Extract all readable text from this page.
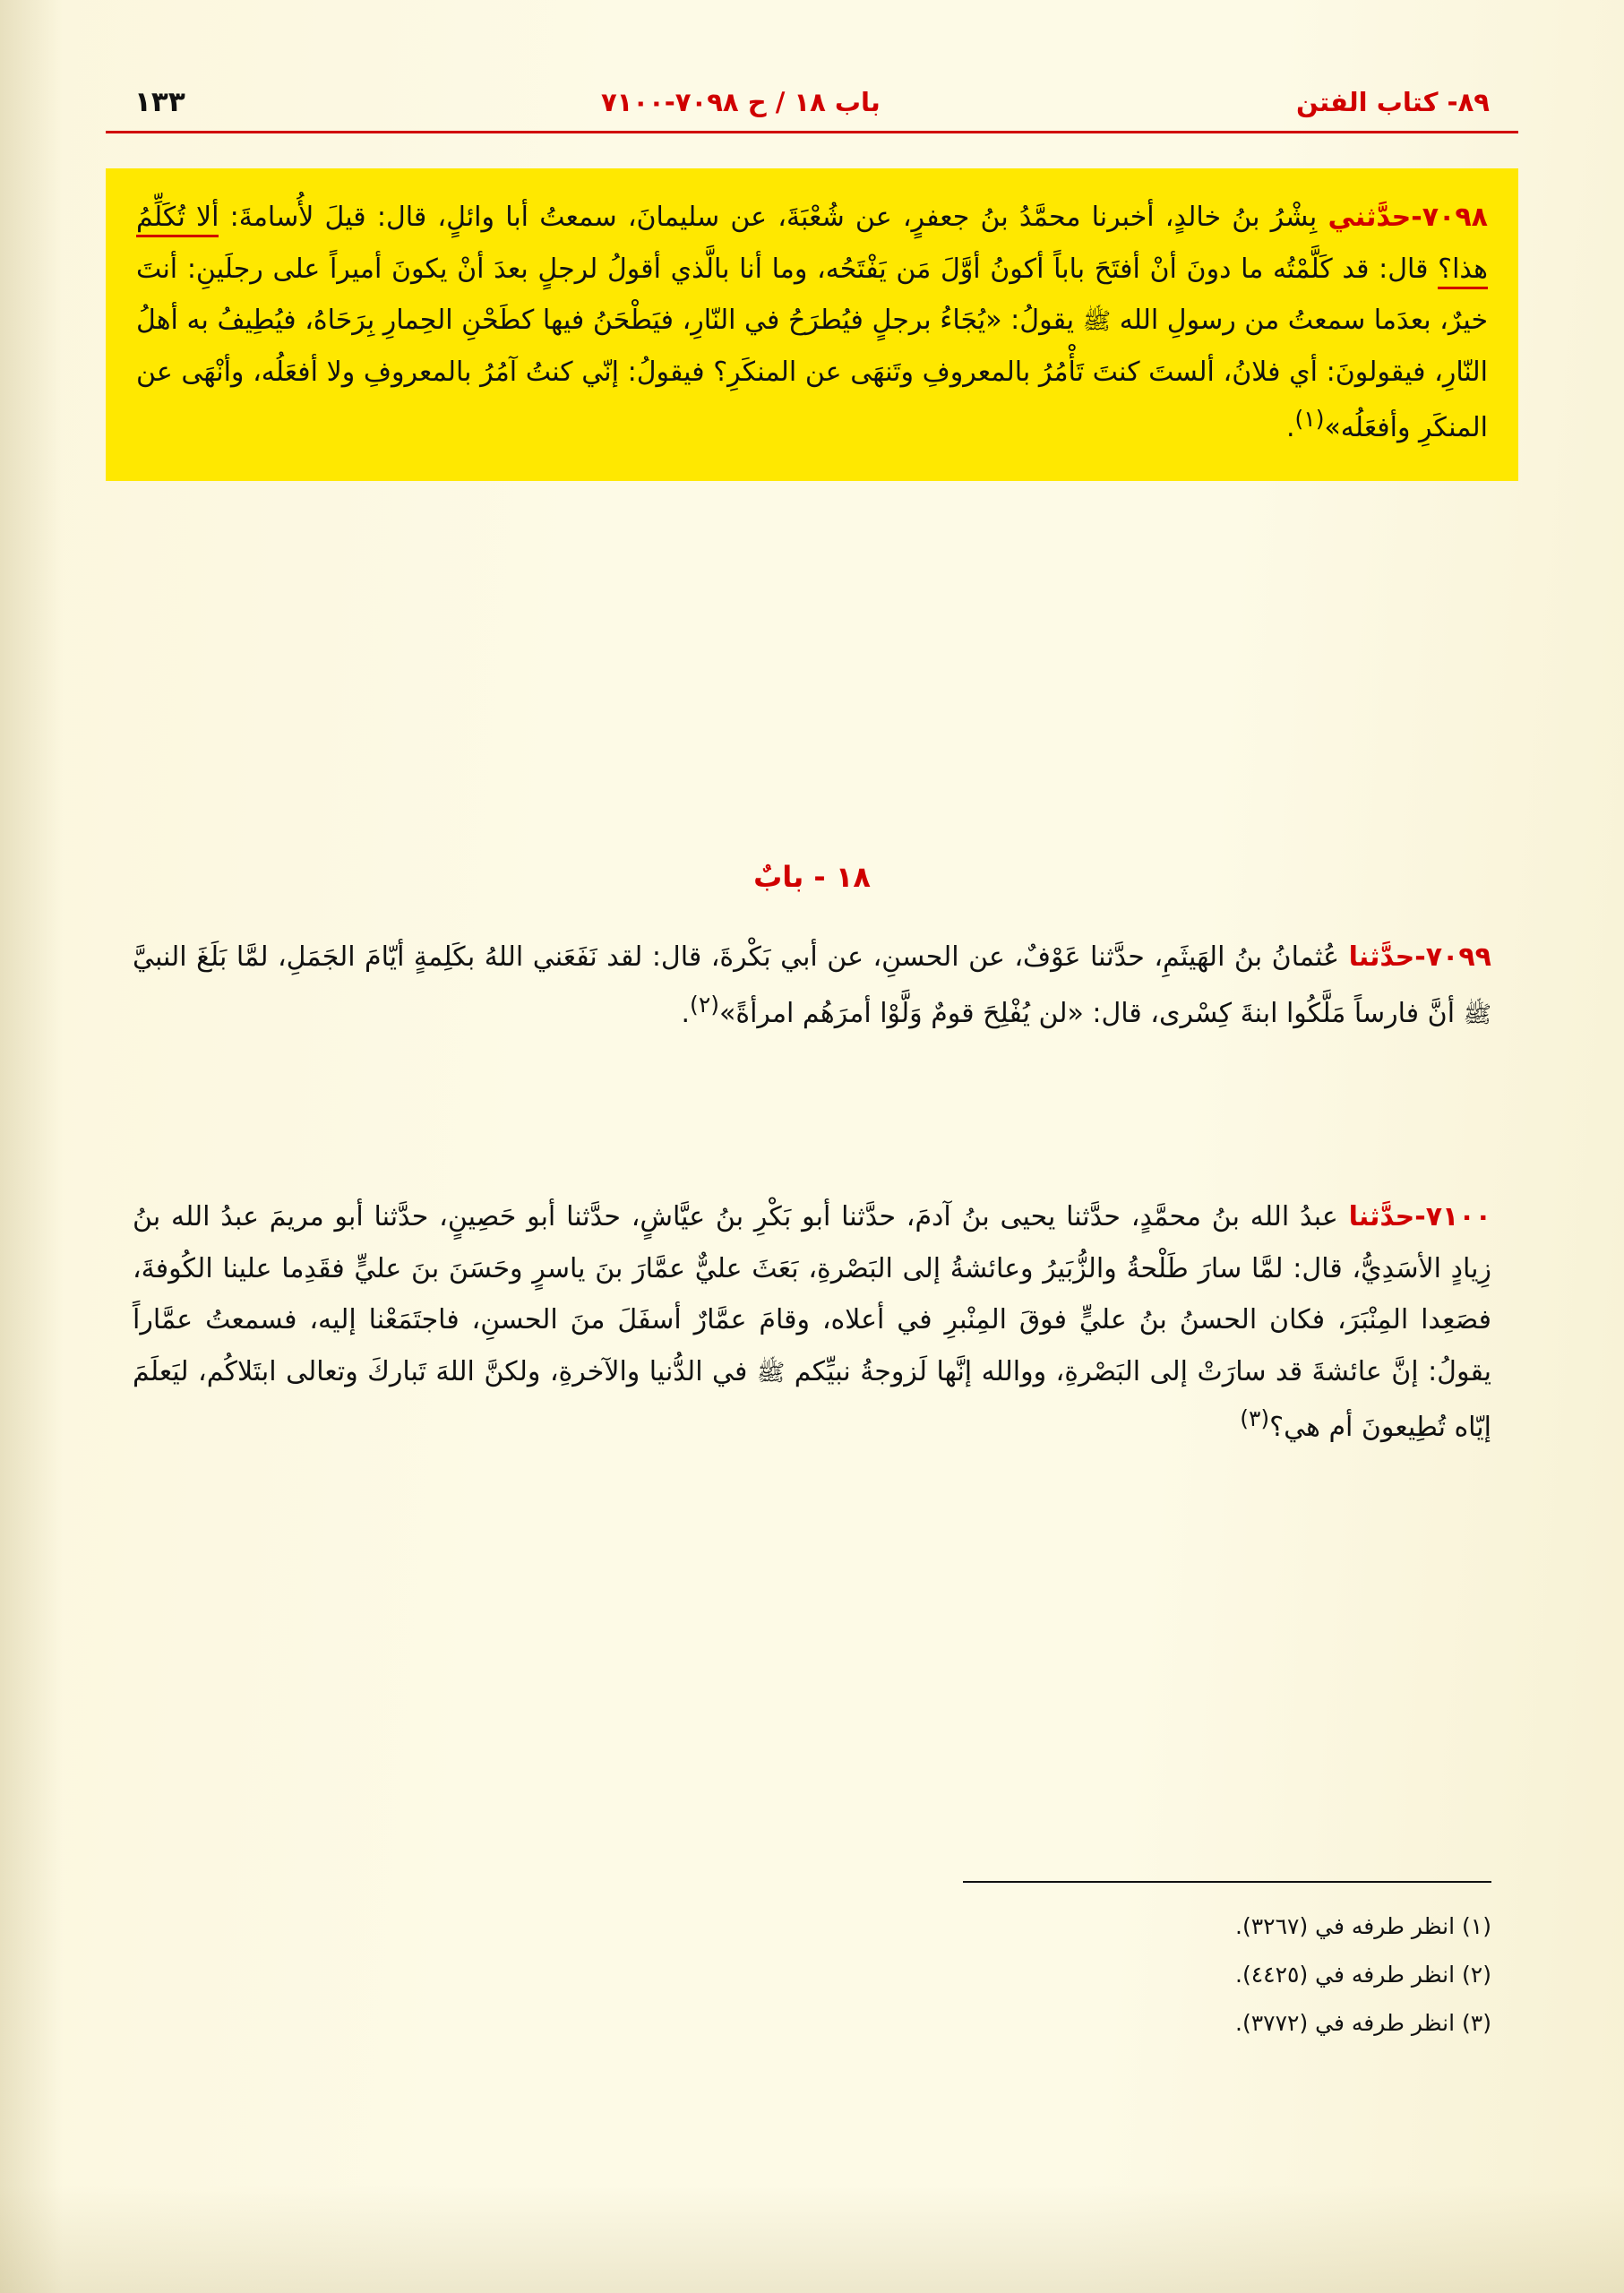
٨٩- كتاب الفتن
باب ١٨ / ح ٧٠٩٨-٧١٠٠
١٣٣
٧٠٩٨-حدَّثني بِشْرُ بنُ خالدٍ، أخبرنا محمَّدُ بنُ جعفرٍ، عن شُعْبَةَ، عن سليمانَ، سمعتُ أبا وائلٍ، قال: قيلَ لأُسامةَ: ألا تُكَلِّمُ هذا؟ قال: قد كَلَّمْتُه ما دونَ أنْ أفتَحَ باباً أكونُ أوَّلَ مَن يَفْتَحُه، وما أنا بالَّذي أقولُ لرجلٍ بعدَ أنْ يكونَ أميراً على رجلَينِ: أنتَ خيرٌ، بعدَما سمعتُ من رسولِ الله ﷺ يقولُ: «يُجَاءُ برجلٍ فيُطرَحُ في النّارِ، فيَطْحَنُ فيها كطَحْنِ الحِمارِ بِرَحَاهُ، فيُطِيفُ به أهلُ النّارِ، فيقولونَ: أي فلانُ، ألستَ كنتَ تَأْمُرُ بالمعروفِ وتَنهَى عن المنكَرِ؟ فيقولُ: إنّي كنتُ آمُرُ بالمعروفِ ولا أفعَلُه، وأنْهَى عن المنكَرِ وأفعَلُه»$^{‏(١)‏}$.
١٨ - بابٌ
٧٠٩٩-حدَّثنا عُثمانُ بنُ الهَيثَمِ، حدَّثنا عَوْفٌ، عن الحسنِ، عن أبي بَكْرةَ، قال: لقد نَفَعَني اللهُ بكَلِمةٍ أيّامَ الجَمَلِ، لمَّا بَلَغَ النبيَّ ﷺ أنَّ فارساً مَلَّكُوا ابنةَ كِسْرى، قال: «لن يُفْلِحَ قومٌ وَلَّوْا أمرَهُم امرأةً»$^{‏(٢)‏}$.
٧١٠٠-حدَّثنا عبدُ الله بنُ محمَّدٍ، حدَّثنا يحيى بنُ آدمَ، حدَّثنا أبو بَكْرِ بنُ عيَّاشٍ، حدَّثنا أبو حَصِينٍ، حدَّثنا أبو مريمَ عبدُ الله بنُ زِيادٍ الأسَدِيُّ، قال: لمَّا سارَ طَلْحةُ والزُّبَيرُ وعائشةُ إلى البَصْرةِ، بَعَثَ عليٌّ عمَّارَ بنَ ياسرٍ وحَسَنَ بنَ عليٍّ فقَدِما علينا الكُوفةَ، فصَعِدا المِنْبَرَ، فكان الحسنُ بنُ عليٍّ فوقَ المِنْبرِ في أعلاه، وقامَ عمَّارٌ أسفَلَ منَ الحسنِ، فاجتَمَعْنا إليه، فسمعتُ عمَّاراً يقولُ: إنَّ عائشةَ قد سارَتْ إلى البَصْرةِ، ووالله إنَّها لَزوجةُ نبيِّكم ﷺ في الدُّنيا والآخرةِ، ولكنَّ اللهَ تَباركَ وتعالى ابتَلاكُم، ليَعلَمَ إيّاه تُطِيعونَ أم هي؟$^{‏(٣)‏}$
‏(١)‏ انظر طرفه في ‏(٣٢٦٧)‏.
‏(٢)‏ انظر طرفه في ‏(٤٤٢٥)‏.
‏(٣)‏ انظر طرفه في ‏(٣٧٧٢)‏.
